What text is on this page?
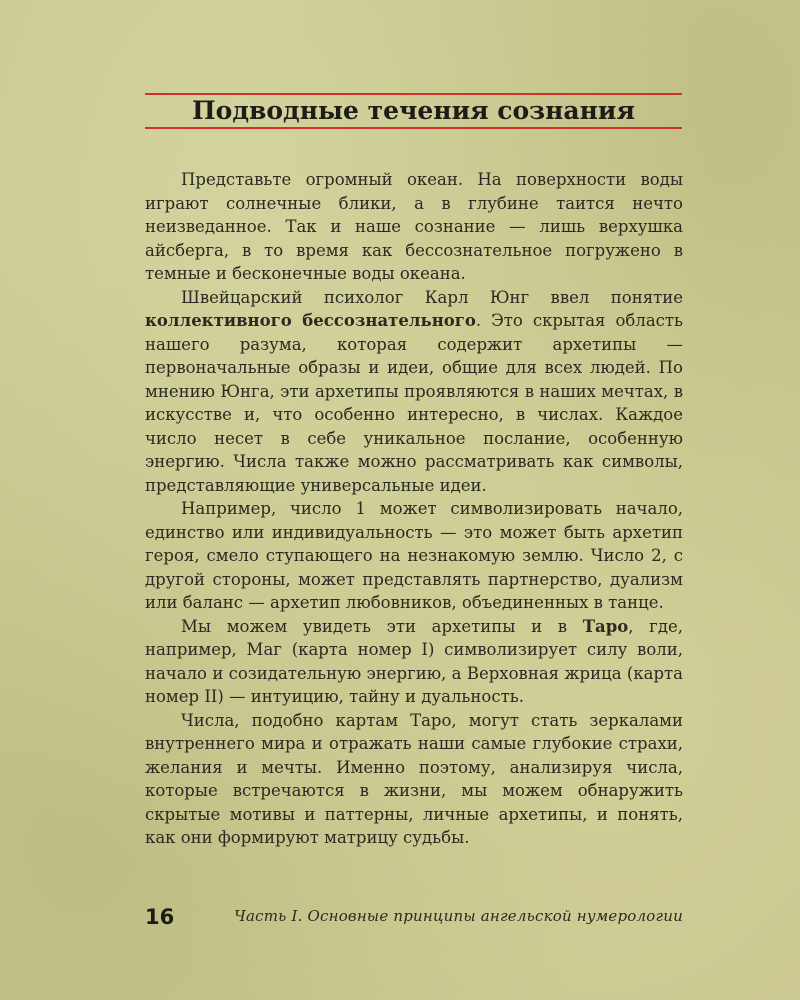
Подводные течения сознания

Представьте огромный океан. На поверхности воды играют солнечные блики, а в глубине таится нечто неизведанное. Так и наше сознание — лишь верхушка айсберга, в то время как бессознательное погружено в темные и бесконечные воды океана.

Швейцарский психолог Карл Юнг ввел понятие коллективного бессознательного. Это скрытая область нашего разума, которая содержит архетипы — первоначальные образы и идеи, общие для всех людей. По мнению Юнга, эти архетипы проявляются в наших мечтах, в искусстве и, что особенно интересно, в числах. Каждое число несет в себе уникальное послание, особенную энергию. Числа также можно рассматривать как символы, представляющие универсальные идеи.

Например, число 1 может символизировать начало, единство или индивидуальность — это может быть архетип героя, смело ступающего на незнакомую землю. Число 2, с другой стороны, может представлять партнерство, дуализм или баланс — архетип любовников, объединенных в танце.

Мы можем увидеть эти архетипы и в Таро, где, например, Маг (карта номер I) символизирует силу воли, начало и созидательную энергию, а Верховная жрица (карта номер II) — интуицию, тайну и дуальность.

Числа, подобно картам Таро, могут стать зеркалами внутреннего мира и отражать наши самые глубокие страхи, желания и мечты. Именно поэтому, анализируя числа, которые встречаются в жизни, мы можем обнаружить скрытые мотивы и паттерны, личные архетипы, и понять, как они формируют матрицу судьбы.

16	Часть I. Основные принципы ангельской нумерологии
